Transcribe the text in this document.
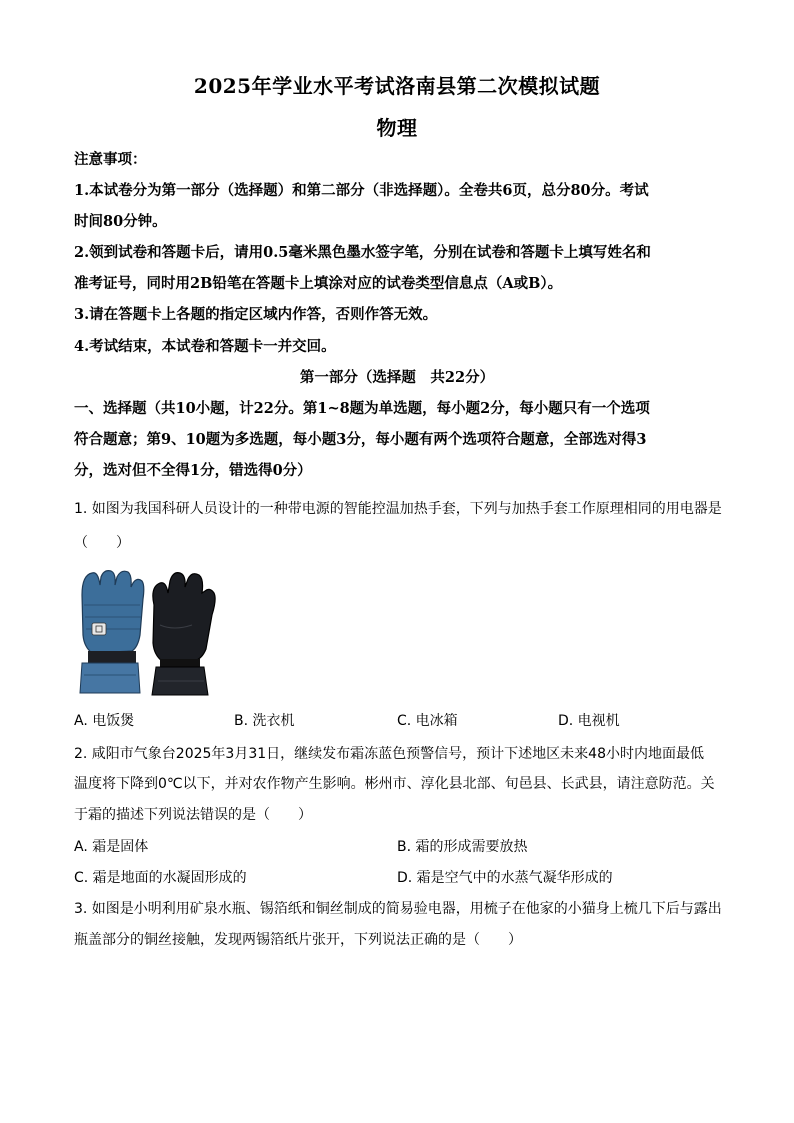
2025年学业水平考试洛南县第二次模拟试题
物理
注意事项：
1.本试卷分为第一部分（选择题）和第二部分（非选择题）。全卷共6页，总分80分。考试
时间80分钟。
2.领到试卷和答题卡后，请用0.5毫米黑色墨水签字笔，分别在试卷和答题卡上填写姓名和
准考证号，同时用2B铅笔在答题卡上填涂对应的试卷类型信息点（A或B）。
3.请在答题卡上各题的指定区域内作答，否则作答无效。
4.考试结束，本试卷和答题卡一并交回。
第一部分（选择题　共22分）
一、选择题（共10小题，计22分。第1~8题为单选题，每小题2分，每小题只有一个选项
符合题意；第9、10题为多选题，每小题3分，每小题有两个选项符合题意，全部选对得3
分，选对但不全得1分，错选得0分）
1. 如图为我国科研人员设计的一种带电源的智能控温加热手套，下列与加热手套工作原理相同的用电器是
（　　）
A. 电饭煲	B. 洗衣机	C. 电冰箱	D. 电视机
2. 咸阳市气象台2025年3月31日，继续发布霜冻蓝色预警信号，预计下述地区未来48小时内地面最低
温度将下降到0℃以下，并对农作物产生影响。彬州市、淳化县北部、旬邑县、长武县，请注意防范。关
于霜的描述下列说法错误的是（　　）
A. 霜是固体	B. 霜的形成需要放热
C. 霜是地面的水凝固形成的	D. 霜是空气中的水蒸气凝华形成的
3. 如图是小明利用矿泉水瓶、锡箔纸和铜丝制成的简易验电器，用梳子在他家的小猫身上梳几下后与露出
瓶盖部分的铜丝接触，发现两锡箔纸片张开，下列说法正确的是（　　）
